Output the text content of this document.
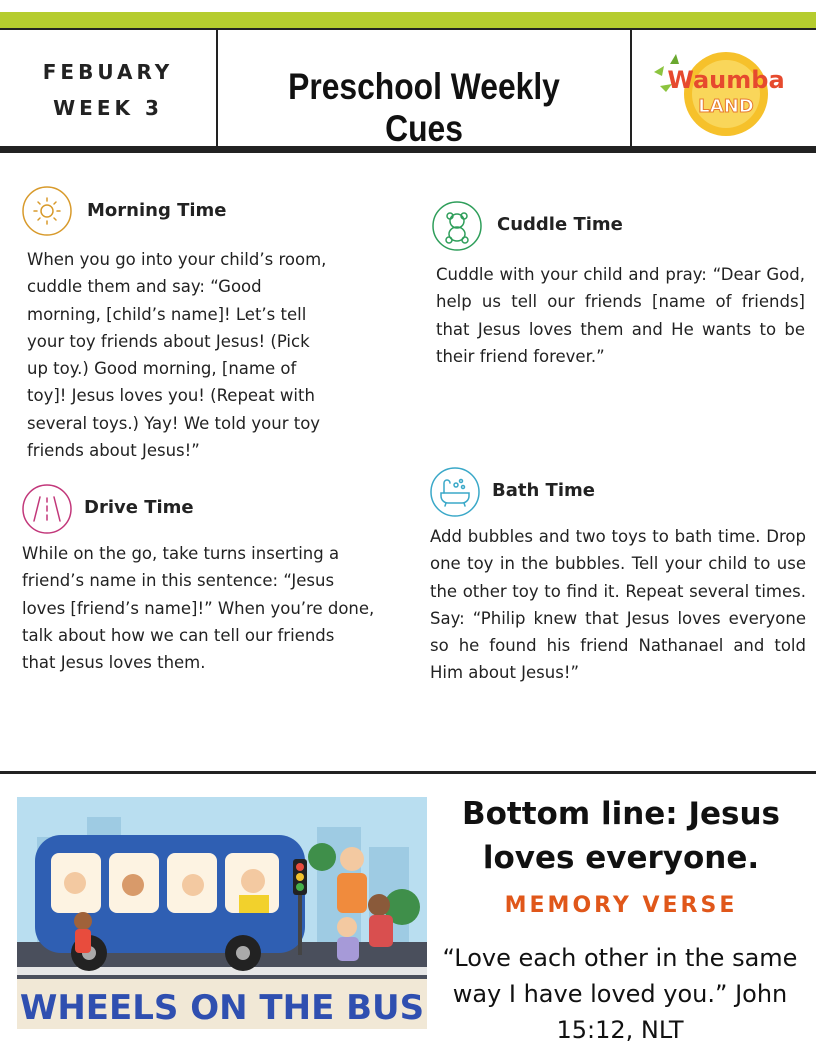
FEBUARY
WEEK 3
Preschool Weekly Cues
Waumba
LAND
Morning Time
When you go into your child’s room,
cuddle them and say: “Good
morning, [child’s name]! Let’s tell
your toy friends about Jesus! (Pick
up toy.) Good morning, [name of
toy]! Jesus loves you! (Repeat with
several toys.) Yay! We told your toy
friends about Jesus!”
Cuddle Time
Cuddle with your child and pray: “Dear God, help us tell our friends [name of friends] that Jesus loves them and He wants to be their friend forever.”
Drive Time
While on the go, take turns inserting a
friend’s name in this sentence: “Jesus
loves [friend’s name]!” When you’re done,
talk about how we can tell our friends
that Jesus loves them.
Bath Time
Add bubbles and two toys to bath time. Drop one toy in the bubbles. Tell your child to use the other toy to find it. Repeat several times. Say: “Philip knew that Jesus loves everyone so he found his friend Nathanael and told Him about Jesus!”
WHEELS ON THE BUS
Bottom line: Jesus loves everyone.
MEMORY VERSE
“Love each other in the same way I have loved you.” John 15:12, NLT
